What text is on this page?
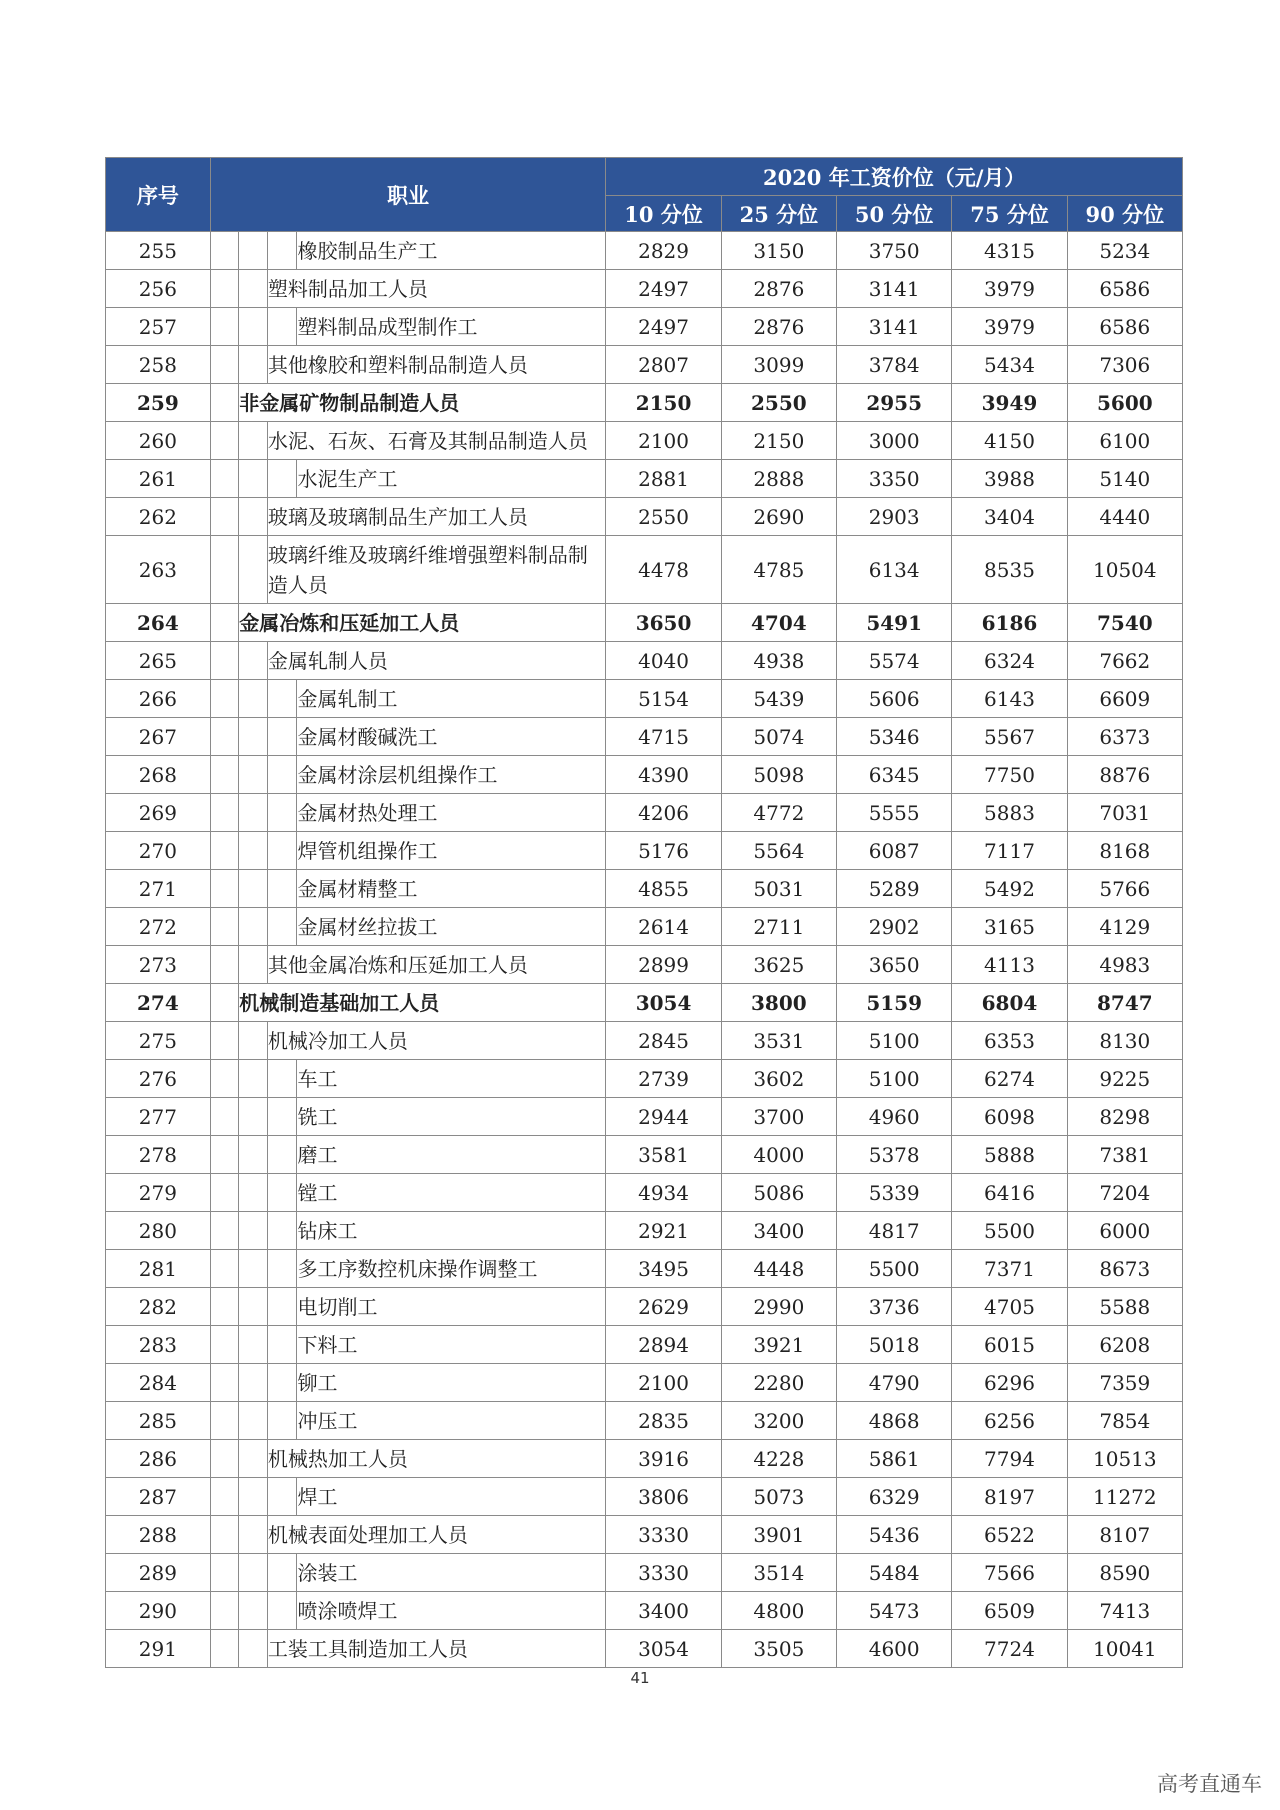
序号	职业				2020 年工资价位（元/月）				
					10 分位	25 分位	50 分位	75 分位	90 分位
255				橡胶制品生产工	2829	3150	3750	4315	5234
256			塑料制品加工人员		2497	2876	3141	3979	6586
257				塑料制品成型制作工	2497	2876	3141	3979	6586
258			其他橡胶和塑料制品制造人员		2807	3099	3784	5434	7306
259		非金属矿物制品制造人员			2150	2550	2955	3949	5600
260			水泥、石灰、石膏及其制品制造人员		2100	2150	3000	4150	6100
261				水泥生产工	2881	2888	3350	3988	5140
262			玻璃及玻璃制品生产加工人员		2550	2690	2903	3404	4440
263			玻璃纤维及玻璃纤维增强塑料制品制造人员		4478	4785	6134	8535	10504
264		金属冶炼和压延加工人员			3650	4704	5491	6186	7540
265			金属轧制人员		4040	4938	5574	6324	7662
266				金属轧制工	5154	5439	5606	6143	6609
267				金属材酸碱洗工	4715	5074	5346	5567	6373
268				金属材涂层机组操作工	4390	5098	6345	7750	8876
269				金属材热处理工	4206	4772	5555	5883	7031
270				焊管机组操作工	5176	5564	6087	7117	8168
271				金属材精整工	4855	5031	5289	5492	5766
272				金属材丝拉拔工	2614	2711	2902	3165	4129
273			其他金属冶炼和压延加工人员		2899	3625	3650	4113	4983
274		机械制造基础加工人员			3054	3800	5159	6804	8747
275			机械冷加工人员		2845	3531	5100	6353	8130
276				车工	2739	3602	5100	6274	9225
277				铣工	2944	3700	4960	6098	8298
278				磨工	3581	4000	5378	5888	7381
279				镗工	4934	5086	5339	6416	7204
280				钻床工	2921	3400	4817	5500	6000
281				多工序数控机床操作调整工	3495	4448	5500	7371	8673
282				电切削工	2629	2990	3736	4705	5588
283				下料工	2894	3921	5018	6015	6208
284				铆工	2100	2280	4790	6296	7359
285				冲压工	2835	3200	4868	6256	7854
286			机械热加工人员		3916	4228	5861	7794	10513
287				焊工	3806	5073	6329	8197	11272
288			机械表面处理加工人员		3330	3901	5436	6522	8107
289				涂装工	3330	3514	5484	7566	8590
290				喷涂喷焊工	3400	4800	5473	6509	7413
291			工装工具制造加工人员		3054	3505	4600	7724	10041
41
高考直通车
